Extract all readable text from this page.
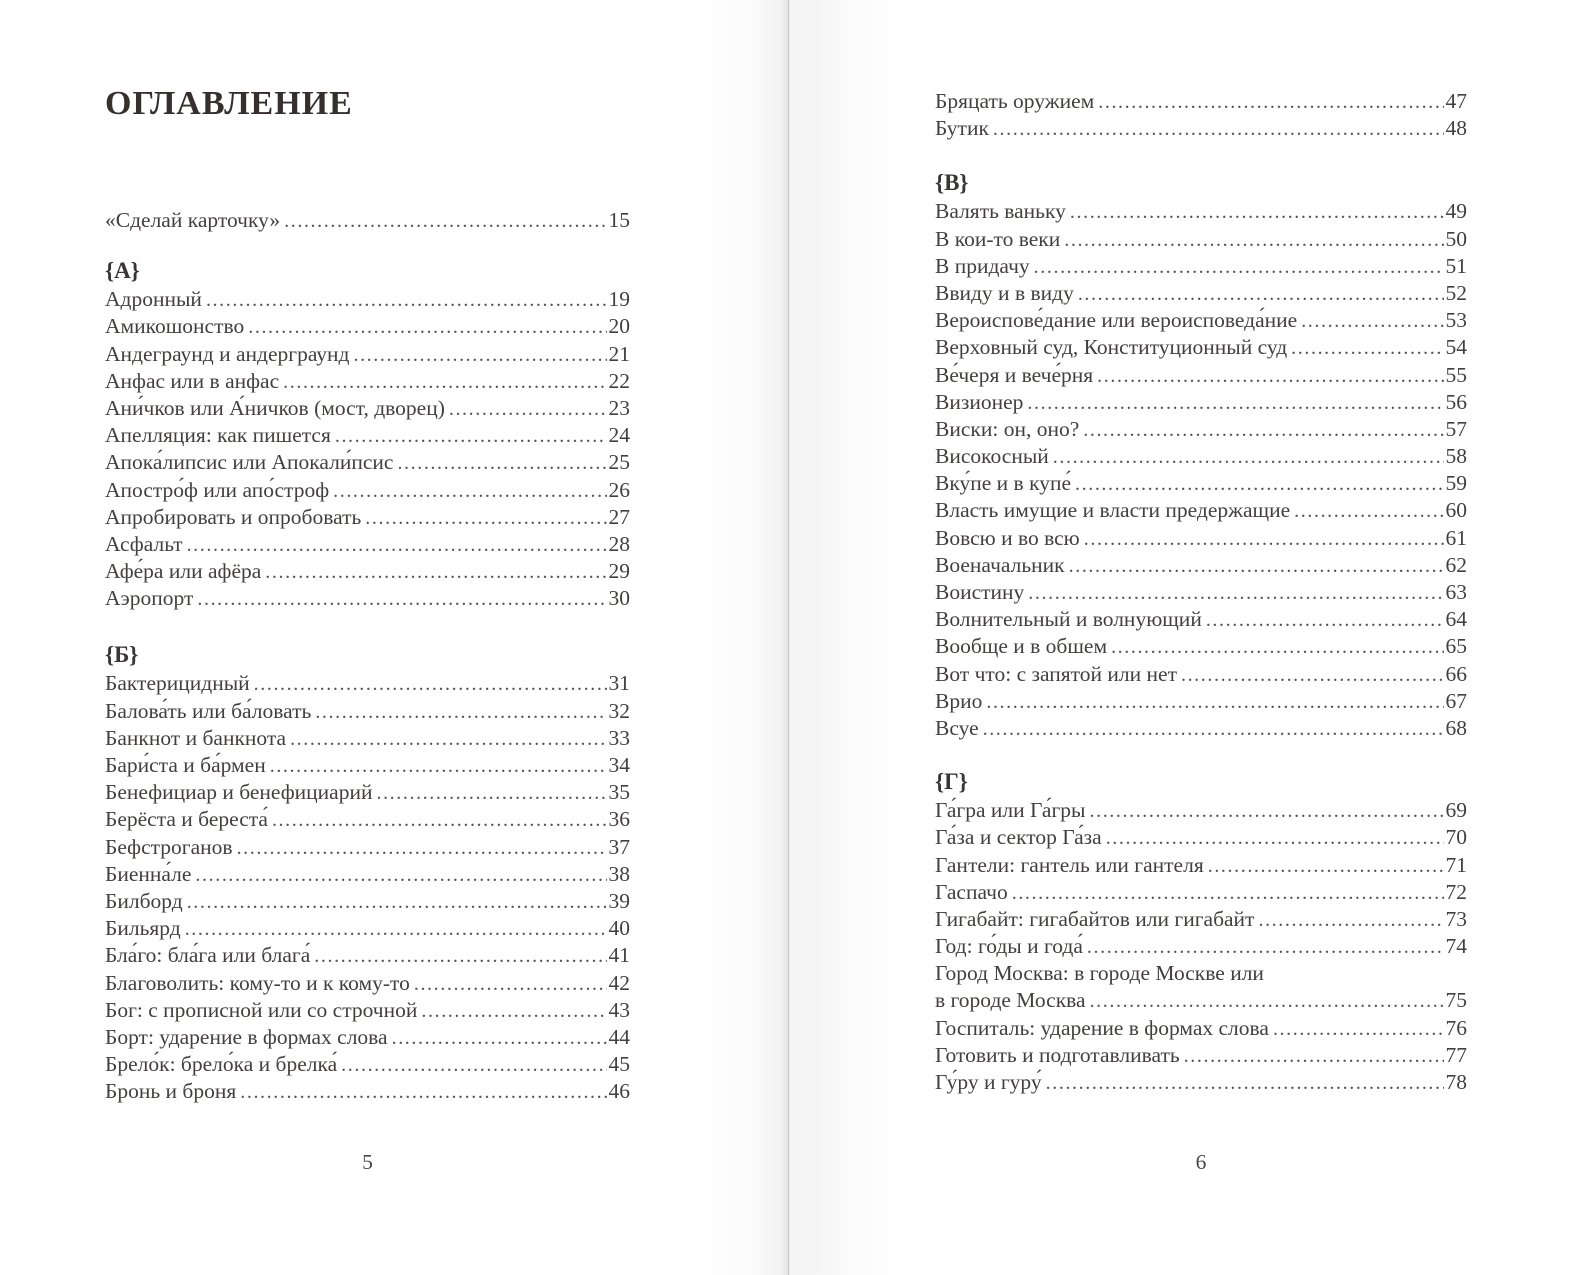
ОГЛАВЛЕНИЕ
«Сделай карточку» .....	15
{А}
Адронный .....	19
Амикошонство .....	20
Андеграунд и андерграунд .....	21
Анфас или в анфас .....	22
Ани́чков или А́ничков (мост, дворец) .....	23
Апелляция: как пишется .....	24
Апока́липсис или Апокали́псис .....	25
Апостро́ф или апо́строф .....	26
Апробировать и опробовать .....	27
Асфальт .....	28
Афе́ра или афёра .....	29
Аэропорт .....	30
{Б}
Бактерицидный .....	31
Балова́ть или ба́ловать .....	32
Банкнот и банкнота .....	33
Бари́ста и ба́рмен .....	34
Бенефициар и бенефициарий .....	35
Берёста и береста́ .....	36
Бефстроганов .....	37
Биенна́ле .....	38
Билборд .....	39
Бильярд .....	40
Бла́го: бла́га или блага́ .....	41
Благоволить: кому-то и к кому-то .....	42
Бог: с прописной или со строчной .....	43
Борт: ударение в формах слова .....	44
Брело́к: брело́ка и брелка́ .....	45
Бронь и броня .....	46
5
Бряцать оружием .....	47
Бутик .....	48
{В}
Валять ваньку .....	49
В кои-то веки .....	50
В придачу .....	51
Ввиду и в виду .....	52
Вероиспове́дание или вероисповеда́ние .....	53
Верховный суд, Конституционный суд .....	54
Ве́черя и вече́рня .....	55
Визионер .....	56
Виски: он, оно? .....	57
Високосный .....	58
Вку́пе и в купе́ .....	59
Власть имущие и власти предержащие .....	60
Вовсю и во всю .....	61
Военачальник .....	62
Воистину .....	63
Волнительный и волнующий .....	64
Вообще и в обшем .....	65
Вот что: с запятой или нет .....	66
Врио .....	67
Всуе .....	68
{Г}
Га́гра или Га́гры .....	69
Га́за и сектор Га́за .....	70
Гантели: гантель или гантеля .....	71
Гаспачо .....	72
Гигабайт: гигабайтов или гигабайт .....	73
Год: го́ды и года́ .....	74
Город Москва: в городе Москве или
в городе Москва .....	75
Госпиталь: ударение в формах слова .....	76
Готовить и подготавливать .....	77
Гу́ру и гуру́ .....	78
6
